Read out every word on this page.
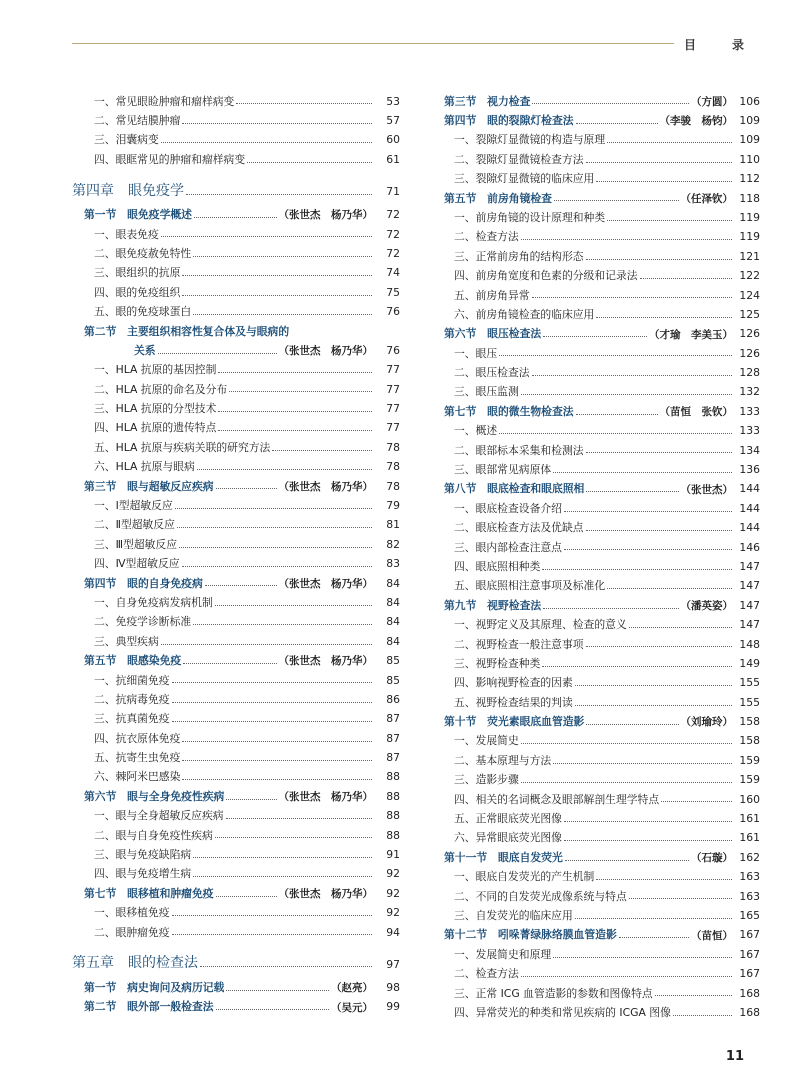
目	录
一、常见眼睑肿瘤和瘤样病变	53
二、常见结膜肿瘤	57
三、泪囊病变	60
四、眼眶常见的肿瘤和瘤样病变	61
第四章　眼免疫学	71
第一节　眼免疫学概述	（张世杰　杨乃华）	72
一、眼表免疫	72
二、眼免疫赦免特性	72
三、眼组织的抗原	74
四、眼的免疫组织	75
五、眼的免疫球蛋白	76
第二节　主要组织相容性复合体及与眼病的
关系	（张世杰　杨乃华）	76
一、HLA 抗原的基因控制	77
二、HLA 抗原的命名及分布	77
三、HLA 抗原的分型技术	77
四、HLA 抗原的遗传特点	77
五、HLA 抗原与疾病关联的研究方法	78
六、HLA 抗原与眼病	78
第三节　眼与超敏反应疾病	（张世杰　杨乃华）	78
一、Ⅰ型超敏反应	79
二、Ⅱ型超敏反应	81
三、Ⅲ型超敏反应	82
四、Ⅳ型超敏反应	83
第四节　眼的自身免疫病	（张世杰　杨乃华）	84
一、自身免疫病发病机制	84
二、免疫学诊断标准	84
三、典型疾病	84
第五节　眼感染免疫	（张世杰　杨乃华）	85
一、抗细菌免疫	85
二、抗病毒免疫	86
三、抗真菌免疫	87
四、抗衣原体免疫	87
五、抗寄生虫免疫	87
六、棘阿米巴感染	88
第六节　眼与全身免疫性疾病	（张世杰　杨乃华）	88
一、眼与全身超敏反应疾病	88
二、眼与自身免疫性疾病	88
三、眼与免疫缺陷病	91
四、眼与免疫增生病	92
第七节　眼移植和肿瘤免疫	（张世杰　杨乃华）	92
一、眼移植免疫	92
二、眼肿瘤免疫	94
第五章　眼的检查法	97
第一节　病史询问及病历记载	（赵亮）	98
第二节　眼外部一般检查法	（吴元）	99
第三节　视力检查	（方圆） 106
第四节　眼的裂隙灯检查法	（李骏　杨钧） 109
一、裂隙灯显微镜的构造与原理	109
二、裂隙灯显微镜检查方法	110
三、裂隙灯显微镜的临床应用	112
第五节　前房角镜检查	（任泽钦） 118
一、前房角镜的设计原理和种类	119
二、检查方法	119
三、正常前房角的结构形态	121
四、前房角宽度和色素的分级和记录法	122
五、前房角异常	124
六、前房角镜检查的临床应用	125
第六节　眼压检查法	（才瑜　李美玉） 126
一、眼压	126
二、眼压检查法	128
三、眼压监测	132
第七节　眼的微生物检查法	（苗恒　张钦） 133
一、概述	133
二、眼部标本采集和检测法	134
三、眼部常见病原体	136
第八节　眼底检查和眼底照相	（张世杰） 144
一、眼底检查设备介绍	144
二、眼底检查方法及优缺点	144
三、眼内部检查注意点	146
四、眼底照相种类	147
五、眼底照相注意事项及标准化	147
第九节　视野检查法	（潘英姿） 147
一、视野定义及其原理、检查的意义	147
二、视野检查一般注意事项	148
三、视野检查种类	149
四、影响视野检查的因素	155
五、视野检查结果的判读	155
第十节　荧光素眼底血管造影	（刘瑜玲） 158
一、发展简史	158
二、基本原理与方法	159
三、造影步骤	159
四、相关的名词概念及眼部解剖生理学特点	160
五、正常眼底荧光图像	161
六、异常眼底荧光图像	161
第十一节　眼底自发荧光	（石璇） 162
一、眼底自发荧光的产生机制	163
二、不同的自发荧光成像系统与特点	163
三、自发荧光的临床应用	165
第十二节　吲哚菁绿脉络膜血管造影	（苗恒） 167
一、发展简史和原理	167
二、检查方法	167
三、正常 ICG 血管造影的参数和图像特点	168
四、异常荧光的种类和常见疾病的 ICGA 图像	168
11
